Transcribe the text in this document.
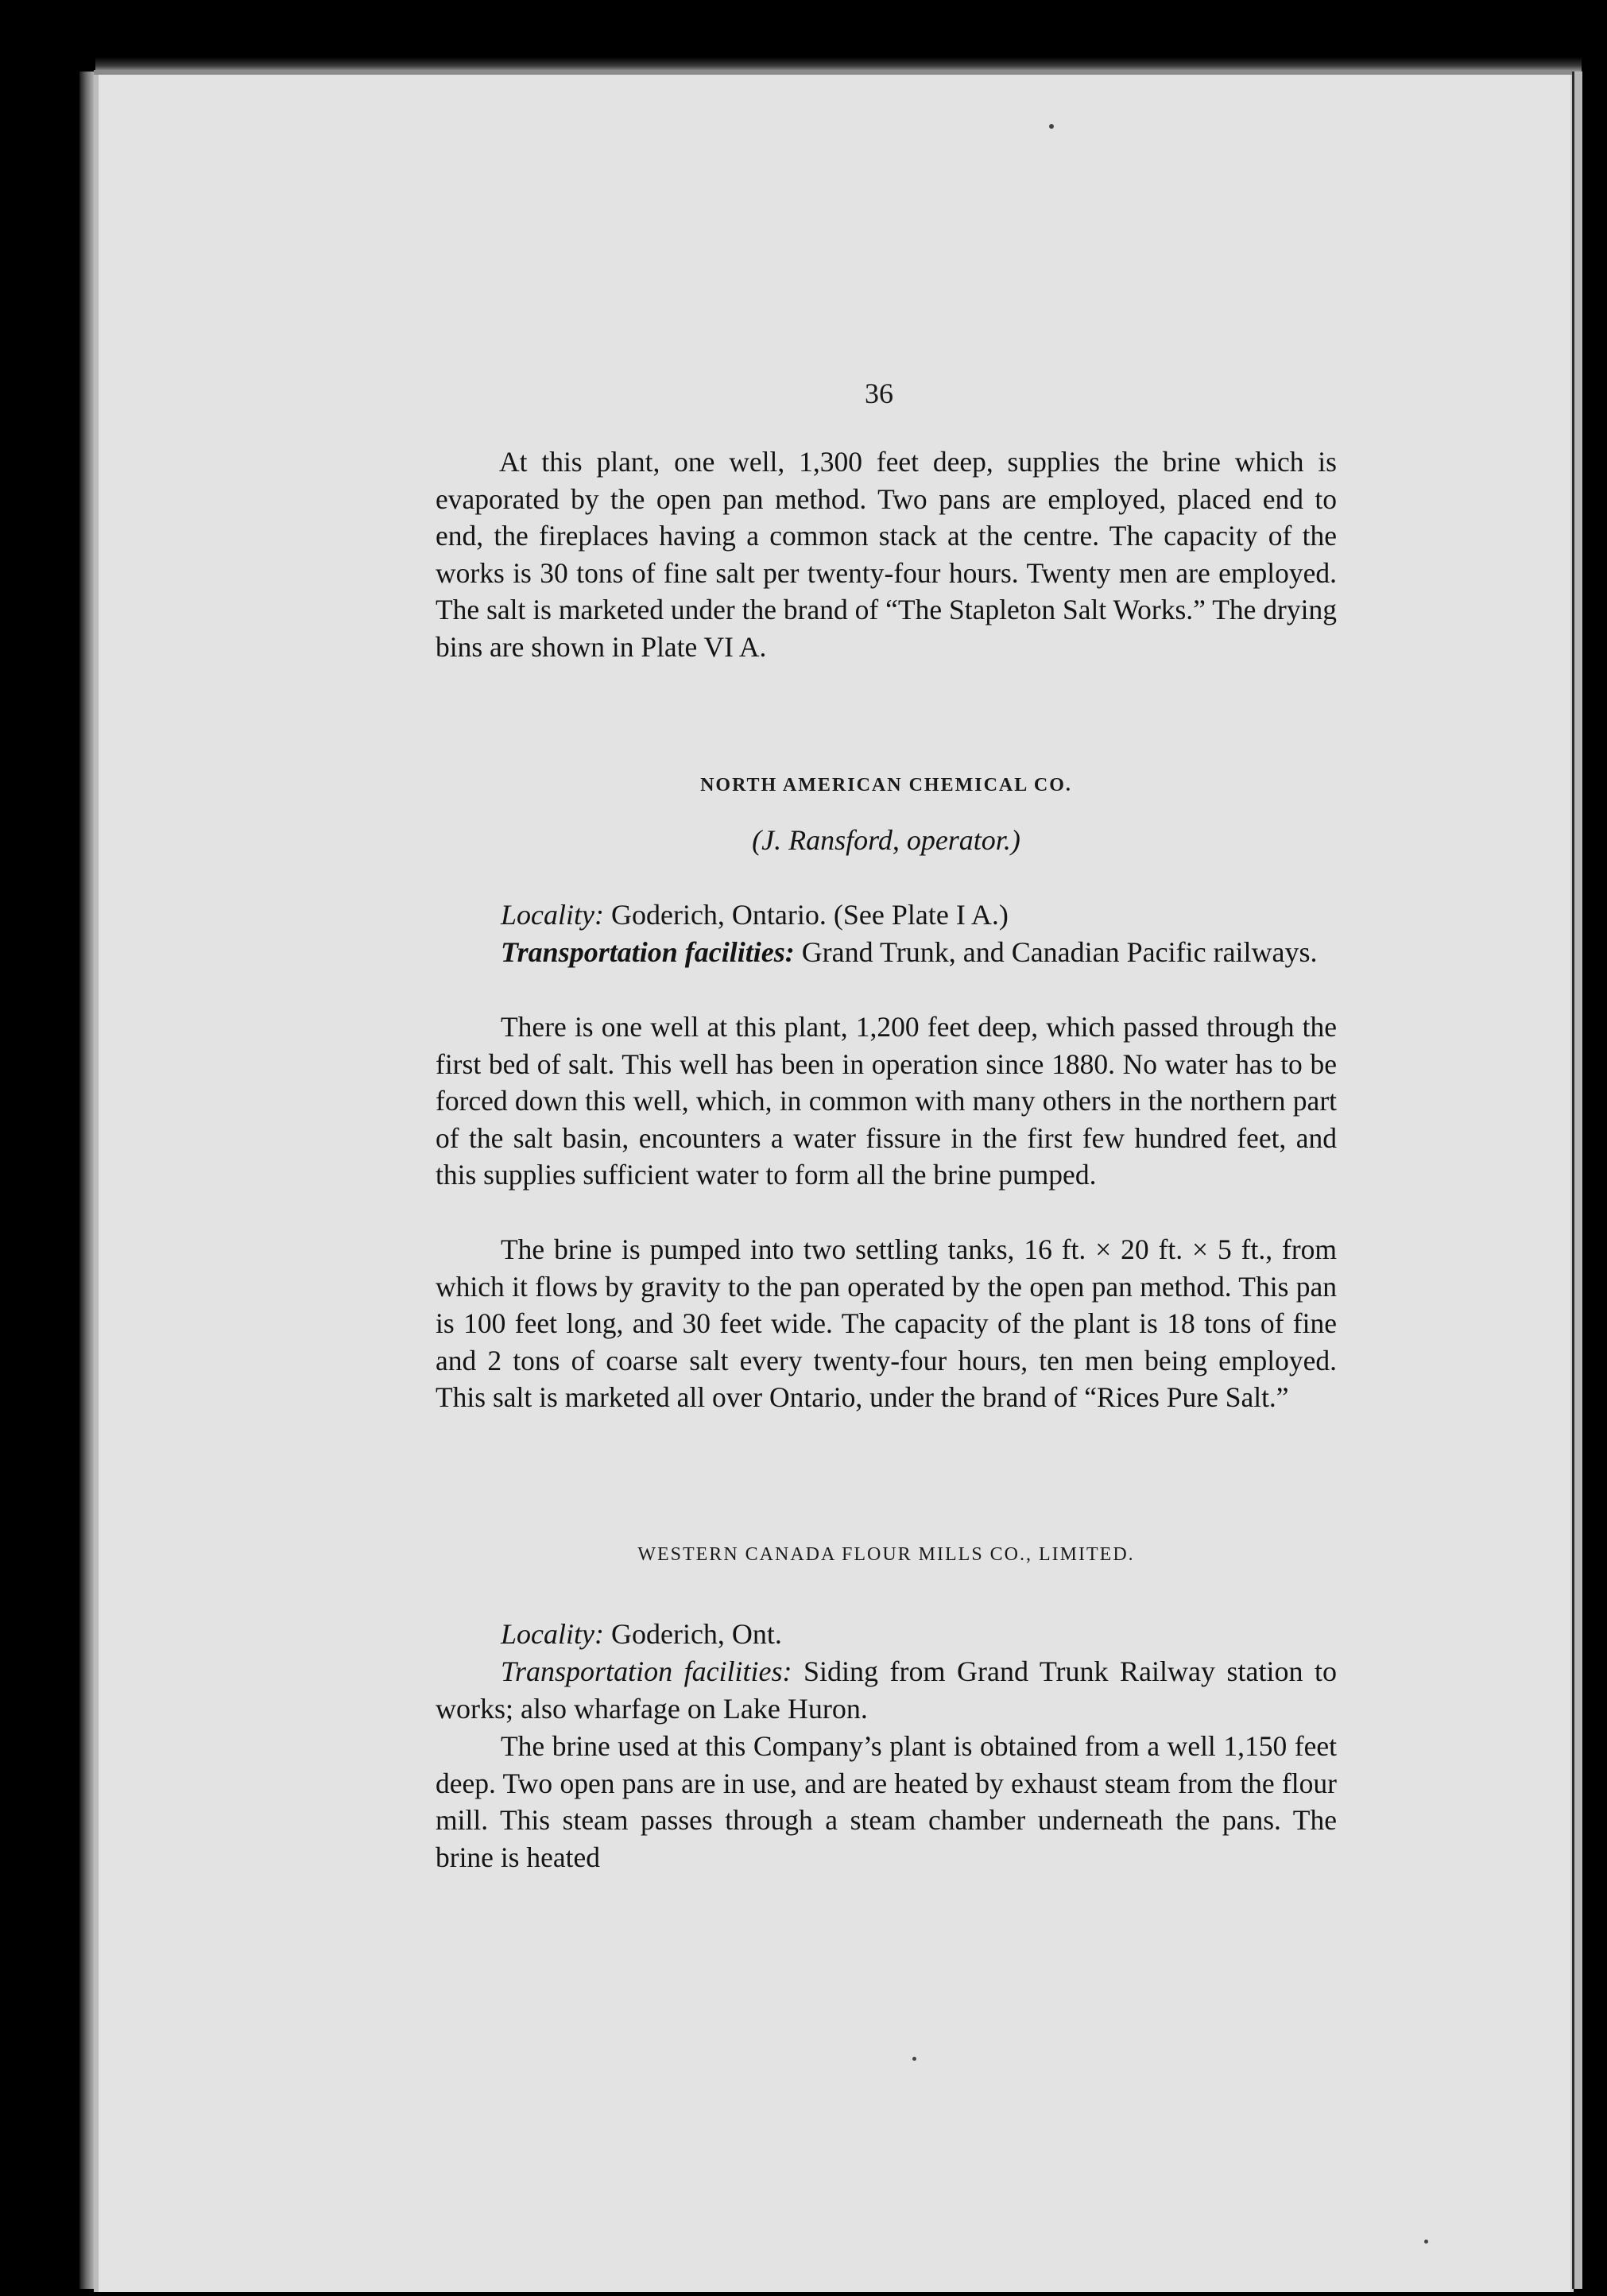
36

At this plant, one well, 1,300 feet deep, supplies the brine which is evaporated by the open pan method. Two pans are employed, placed end to end, the fireplaces having a common stack at the centre. The capacity of the works is 30 tons of fine salt per twenty-four hours. Twenty men are employed. The salt is marketed under the brand of “The Stapleton Salt Works.” The drying bins are shown in Plate VI A.

NORTH AMERICAN CHEMICAL CO.

(J. Ransford, operator.)

Locality: Goderich, Ontario. (See Plate I A.)

Transportation facilities: Grand Trunk, and Canadian Pacific railways.

There is one well at this plant, 1,200 feet deep, which passed through the first bed of salt. This well has been in operation since 1880. No water has to be forced down this well, which, in common with many others in the northern part of the salt basin, encounters a water fissure in the first few hundred feet, and this supplies sufficient water to form all the brine pumped.

The brine is pumped into two settling tanks, 16 ft. × 20 ft. × 5 ft., from which it flows by gravity to the pan operated by the open pan method. This pan is 100 feet long, and 30 feet wide. The capacity of the plant is 18 tons of fine and 2 tons of coarse salt every twenty-four hours, ten men being employed. This salt is marketed all over Ontario, under the brand of “Rices Pure Salt.”

WESTERN CANADA FLOUR MILLS CO., LIMITED.

Locality: Goderich, Ont.

Transportation facilities: Siding from Grand Trunk Railway station to works; also wharfage on Lake Huron.

The brine used at this Company’s plant is obtained from a well 1,150 feet deep. Two open pans are in use, and are heated by exhaust steam from the flour mill. This steam passes through a steam chamber underneath the pans. The brine is heated
